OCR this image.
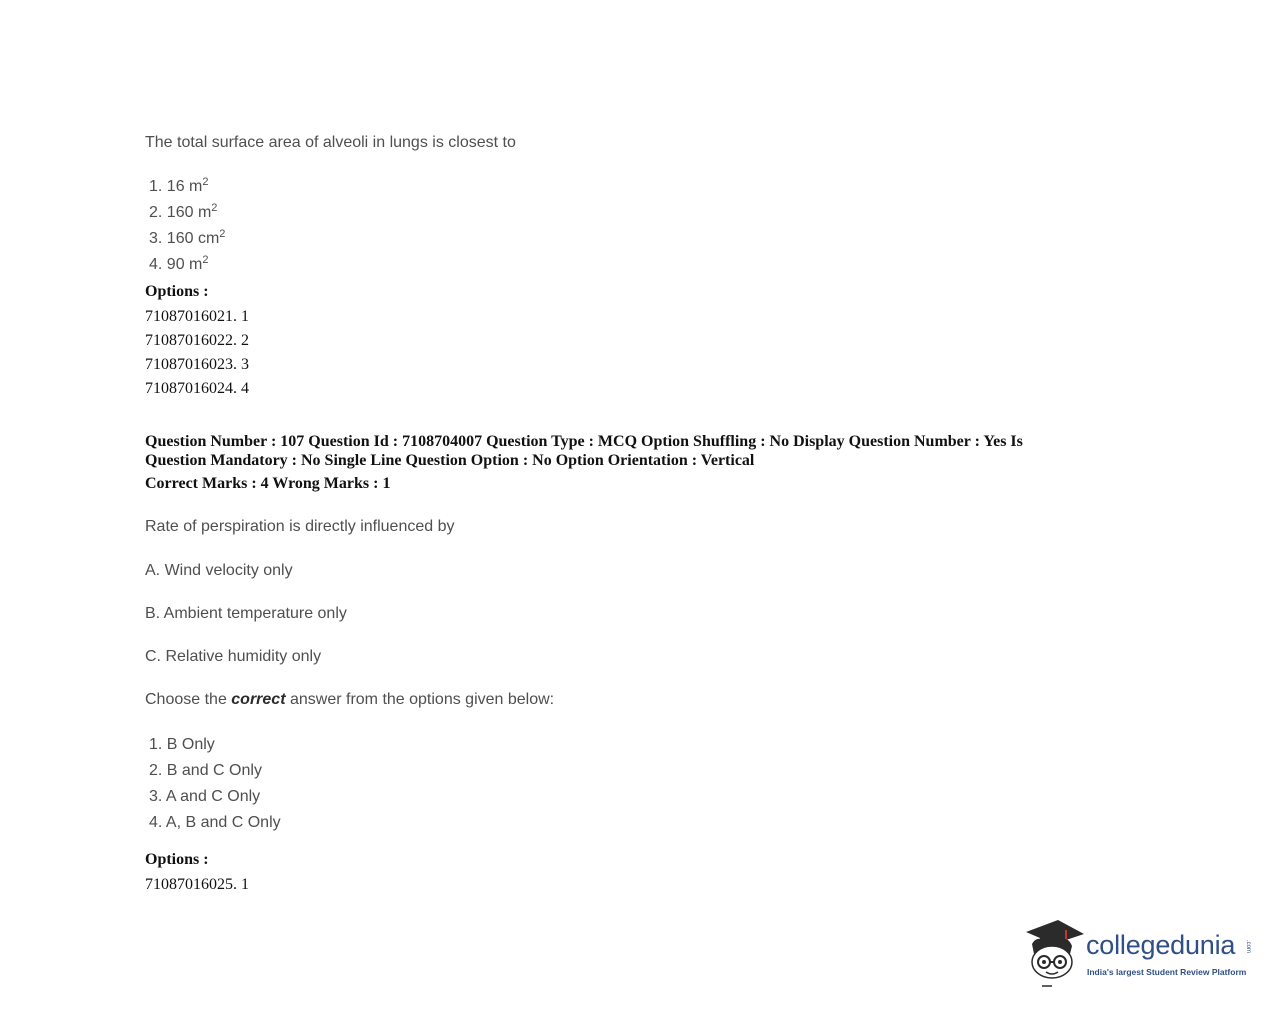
The total surface area of alveoli in lungs is closest to
1. 16 $m^2$
2. 160 $m^2$
3. 160 $cm^2$
4. 90 $m^2$
Options :
71087016021. 1
71087016022. 2
71087016023. 3
71087016024. 4
Question Number : 107 Question Id : 7108704007 Question Type : MCQ Option Shuffling : No Display Question Number : Yes Is
Question Mandatory : No Single Line Question Option : No Option Orientation : Vertical
Correct Marks : 4 Wrong Marks : 1
Rate of perspiration is directly influenced by
A. Wind velocity only
B. Ambient temperature only
C. Relative humidity only
Choose the correct answer from the options given below:
1. B Only
2. B and C Only
3. A and C Only
4. A, B and C Only
Options :
71087016025. 1
collegedunia .com
India's largest Student Review Platform
